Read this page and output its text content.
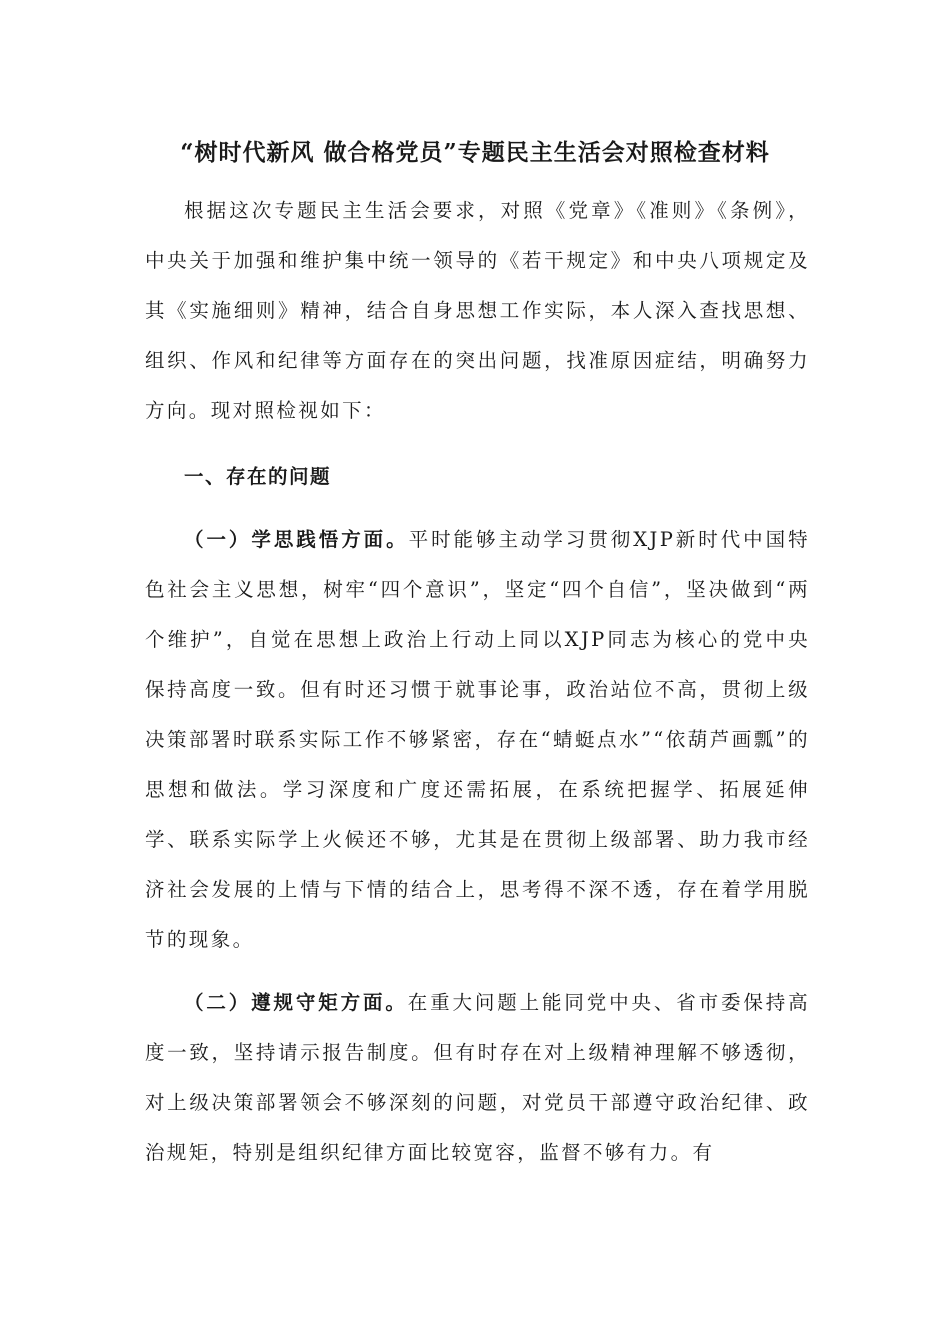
“树时代新风 做合格党员”专题民主生活会对照检查材料

根据这次专题民主生活会要求，对照《党章》《准则》《条例》，中央关于加强和维护集中统一领导的《若干规定》和中央八项规定及其《实施细则》精神，结合自身思想工作实际，本人深入查找思想、组织、作风和纪律等方面存在的突出问题，找准原因症结，明确努力方向。现对照检视如下：

一、存在的问题

（一）学思践悟方面。平时能够主动学习贯彻XJP新时代中国特色社会主义思想，树牢“四个意识”，坚定“四个自信”，坚决做到“两个维护”，自觉在思想上政治上行动上同以XJP同志为核心的党中央保持高度一致。但有时还习惯于就事论事，政治站位不高，贯彻上级决策部署时联系实际工作不够紧密，存在“蜻蜓点水”“依葫芦画瓢”的思想和做法。学习深度和广度还需拓展，在系统把握学、拓展延伸学、联系实际学上火候还不够，尤其是在贯彻上级部署、助力我市经济社会发展的上情与下情的结合上，思考得不深不透，存在着学用脱节的现象。

（二）遵规守矩方面。在重大问题上能同党中央、省市委保持高度一致，坚持请示报告制度。但有时存在对上级精神理解不够透彻，对上级决策部署领会不够深刻的问题，对党员干部遵守政治纪律、政治规矩，特别是组织纪律方面比较宽容，监督不够有力。有
